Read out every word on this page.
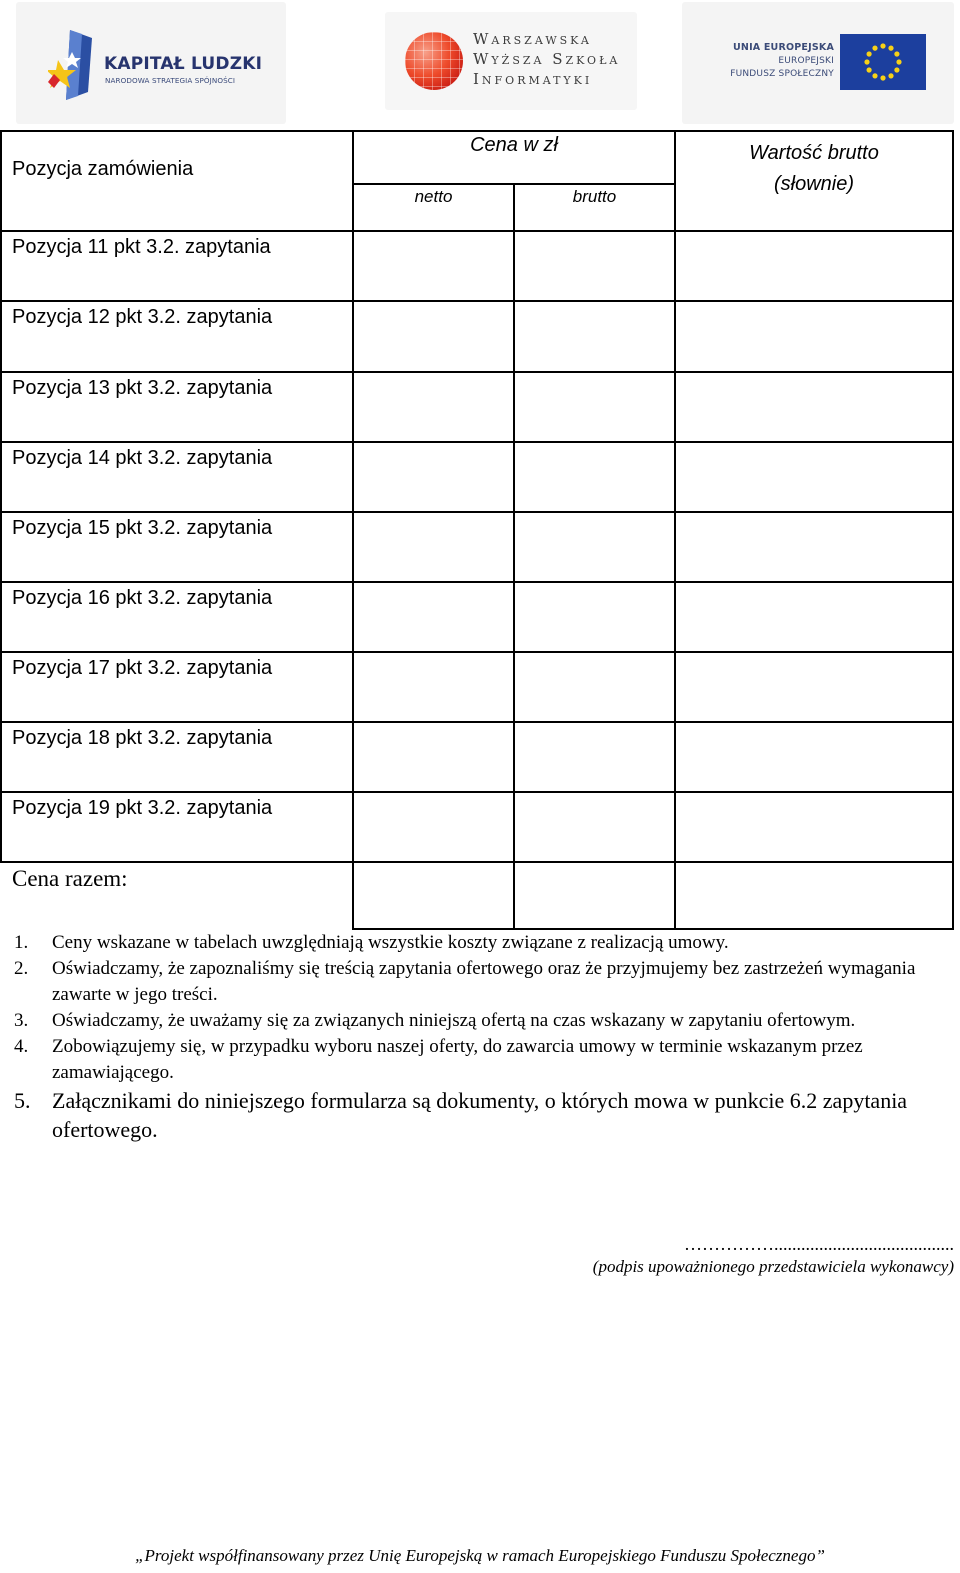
KAPITAŁ LUDZKI
NARODOWA STRATEGIA SPÓJNOŚCI
Warszawska
Wyższa Szkoła
Informatyki
UNIA EUROPEJSKA
EUROPEJSKI
FUNDUSZ SPOŁECZNY
Pozycja zamówienia
Cena w zł
netto	brutto
Wartość brutto
(słownie)
Pozycja 11 pkt 3.2. zapytania
Pozycja 12 pkt 3.2. zapytania
Pozycja 13 pkt 3.2. zapytania
Pozycja 14 pkt 3.2. zapytania
Pozycja 15 pkt 3.2. zapytania
Pozycja 16 pkt 3.2. zapytania
Pozycja 17 pkt 3.2. zapytania
Pozycja 18 pkt 3.2. zapytania
Pozycja 19 pkt 3.2. zapytania
Cena razem:

1. Ceny wskazane w tabelach uwzględniają wszystkie koszty związane z realizacją umowy.

2. Oświadczamy, że zapoznaliśmy się treścią zapytania ofertowego oraz że przyjmujemy bez zastrzeżeń wymagania zawarte w jego treści.

3. Oświadczamy, że uważamy się za związanych niniejszą ofertą na czas wskazany w zapytaniu ofertowym.

4. Zobowiązujemy się, w przypadku wyboru naszej oferty, do zawarcia umowy w terminie wskazanym przez zamawiającego.

5. Załącznikami do niniejszego formularza są dokumenty, o których mowa w punkcie 6.2 zapytania ofertowego.

……………........................................
(podpis upoważnionego przedstawiciela wykonawcy)
„Projekt współfinansowany przez Unię Europejską w ramach Europejskiego Funduszu Społecznego”
